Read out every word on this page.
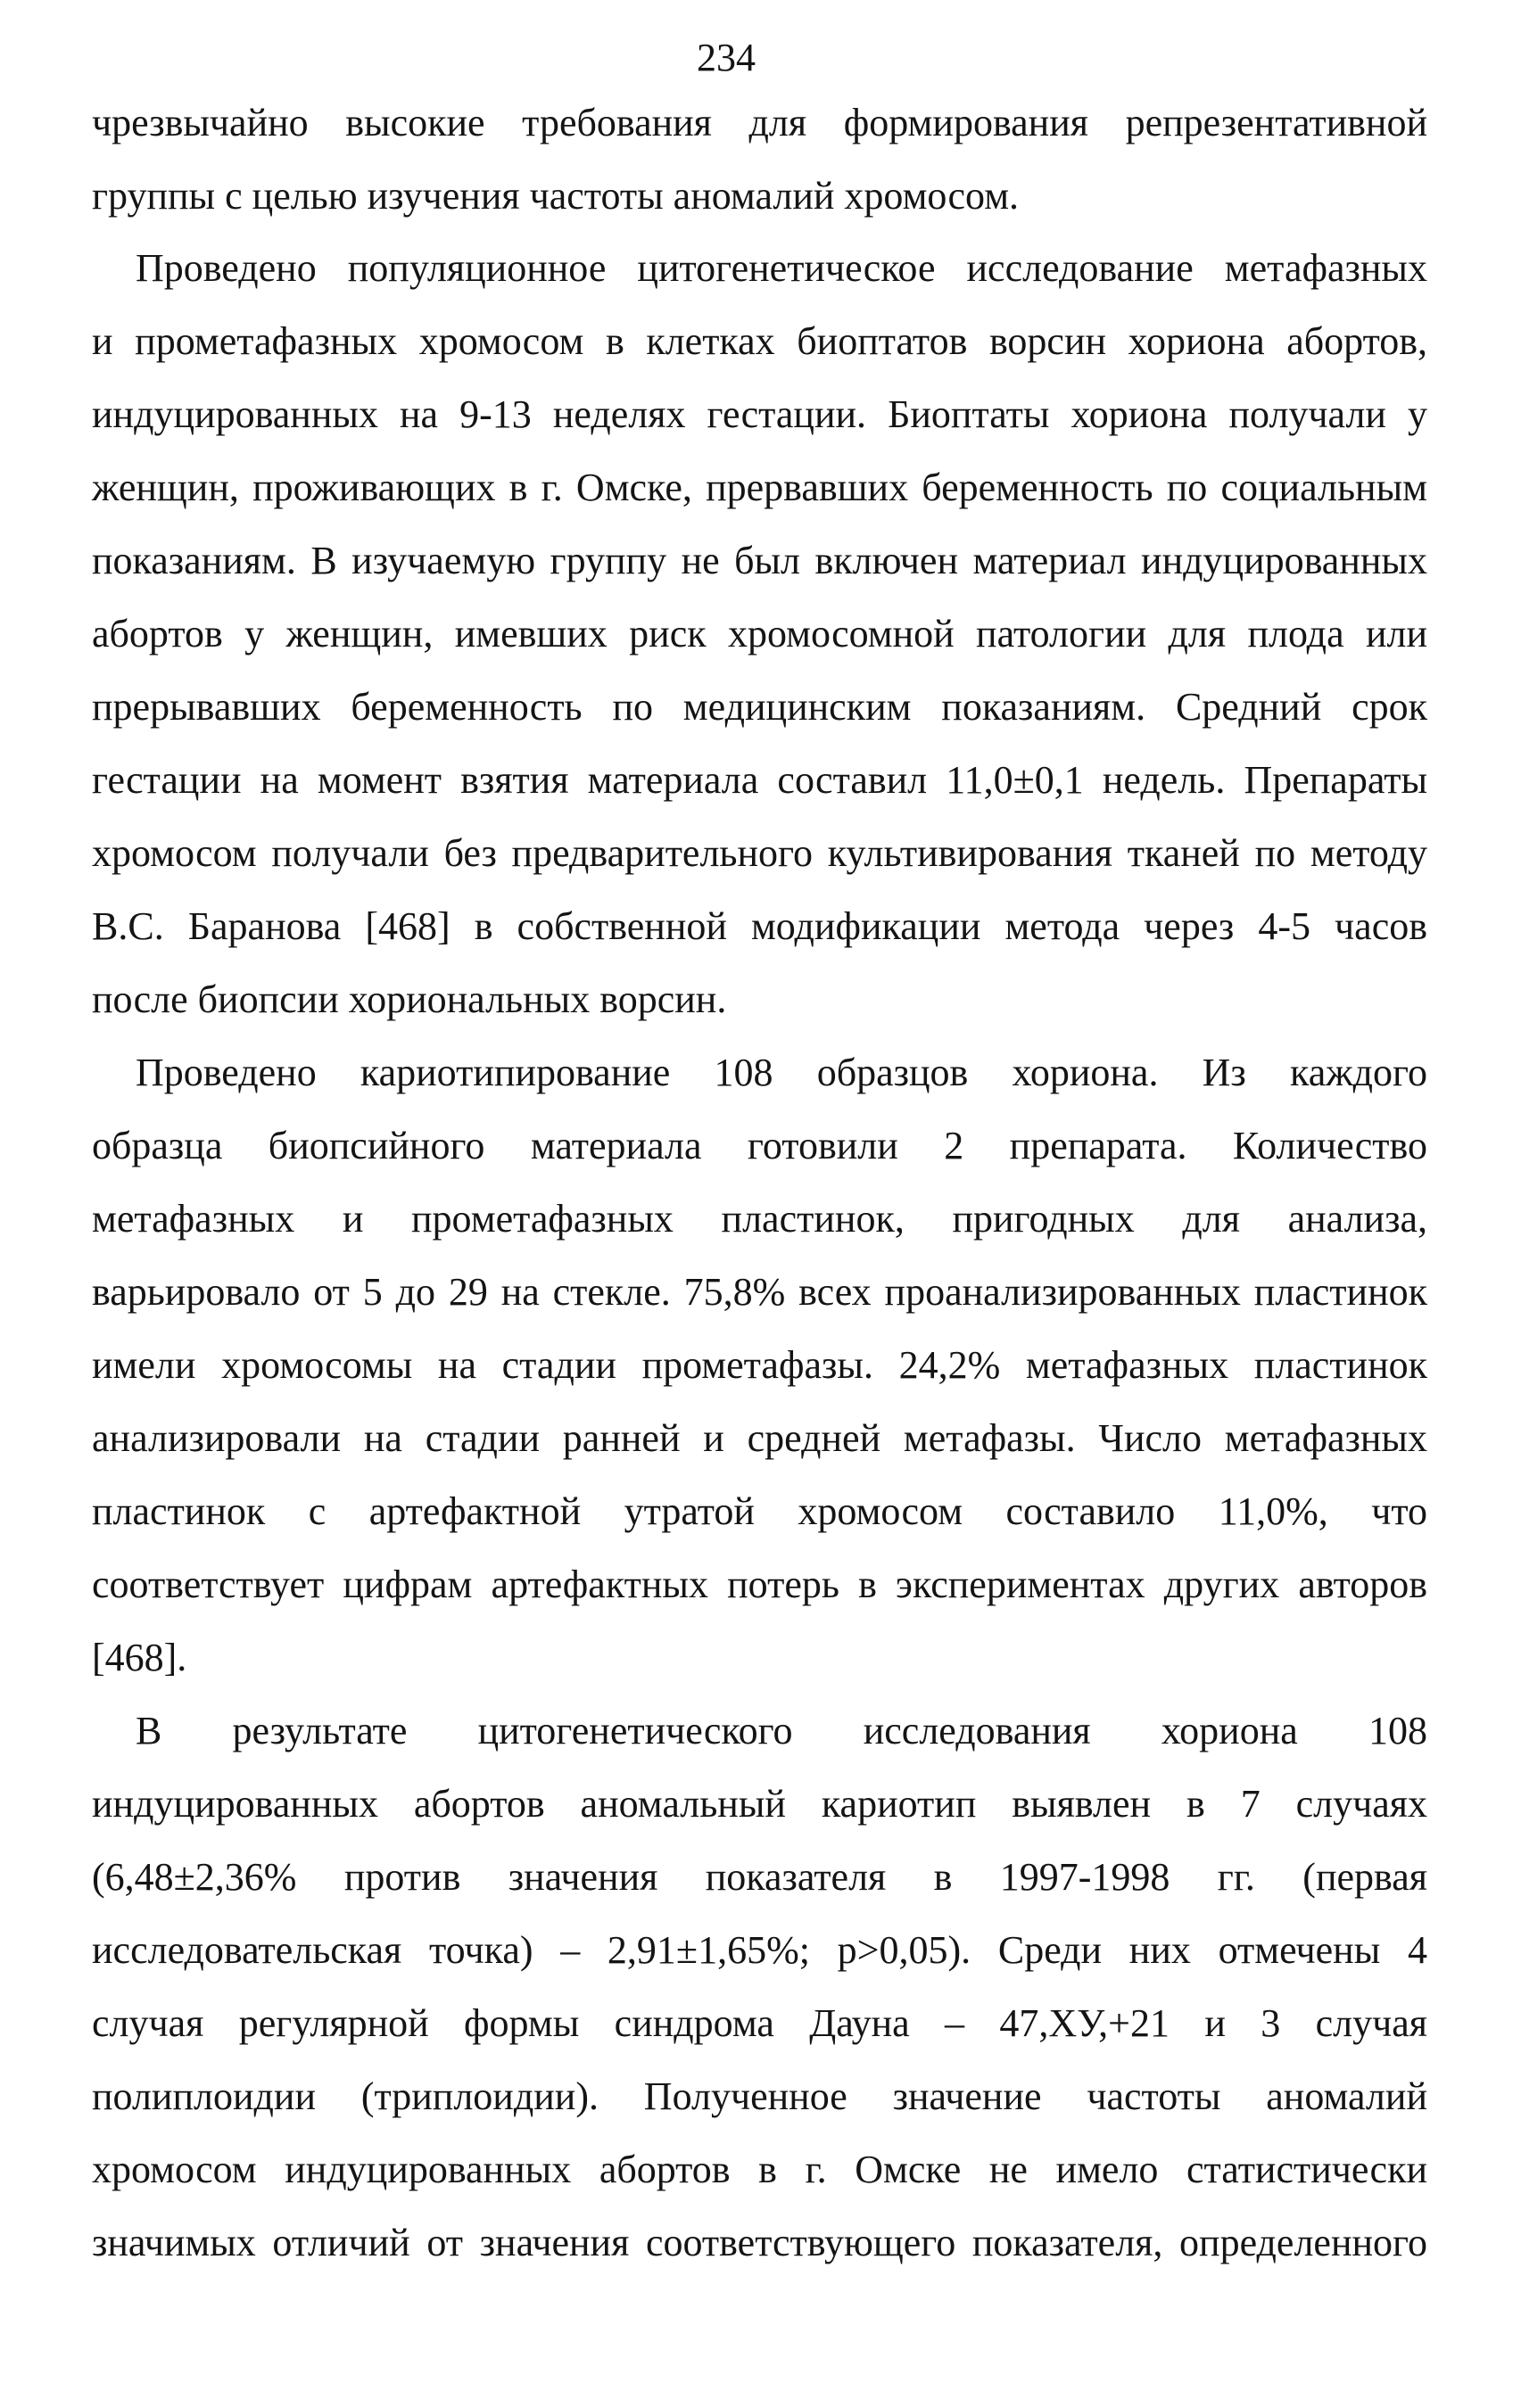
234
чрезвычайно высокие требования для формирования репрезентативной
группы с целью изучения частоты аномалий хромосом.
Проведено популяционное цитогенетическое исследование метафазных
и прометафазных хромосом в клетках биоптатов ворсин хориона абортов,
индуцированных на 9-13 неделях гестации. Биоптаты хориона получали у
женщин, проживающих в г. Омске, прервавших беременность по социальным
показаниям. В изучаемую группу не был включен материал индуцированных
абортов у женщин, имевших риск хромосомной патологии для плода или
прерывавших беременность по медицинским показаниям. Средний срок
гестации на момент взятия материала составил 11,0±0,1 недель. Препараты
хромосом получали без предварительного культивирования тканей по методу
В.С. Баранова [468] в собственной модификации метода через 4-5 часов
после биопсии хориональных ворсин.
Проведено кариотипирование 108 образцов хориона. Из каждого
образца биопсийного материала готовили 2 препарата. Количество
метафазных и прометафазных пластинок, пригодных для анализа,
варьировало от 5 до 29 на стекле. 75,8% всех проанализированных пластинок
имели хромосомы на стадии прометафазы. 24,2% метафазных пластинок
анализировали на стадии ранней и средней метафазы. Число метафазных
пластинок с артефактной утратой хромосом составило 11,0%, что
соответствует цифрам артефактных потерь в экспериментах других авторов
[468].
В результате цитогенетического исследования хориона 108
индуцированных абортов аномальный кариотип выявлен в 7 случаях
(6,48±2,36% против значения показателя в 1997-1998 гг. (первая
исследовательская точка) – 2,91±1,65%; р>0,05). Среди них отмечены 4
случая регулярной формы синдрома Дауна – 47,ХУ,+21 и 3 случая
полиплоидии (триплоидии). Полученное значение частоты аномалий
хромосом индуцированных абортов в г. Омске не имело статистически
значимых отличий от значения соответствующего показателя, определенного
